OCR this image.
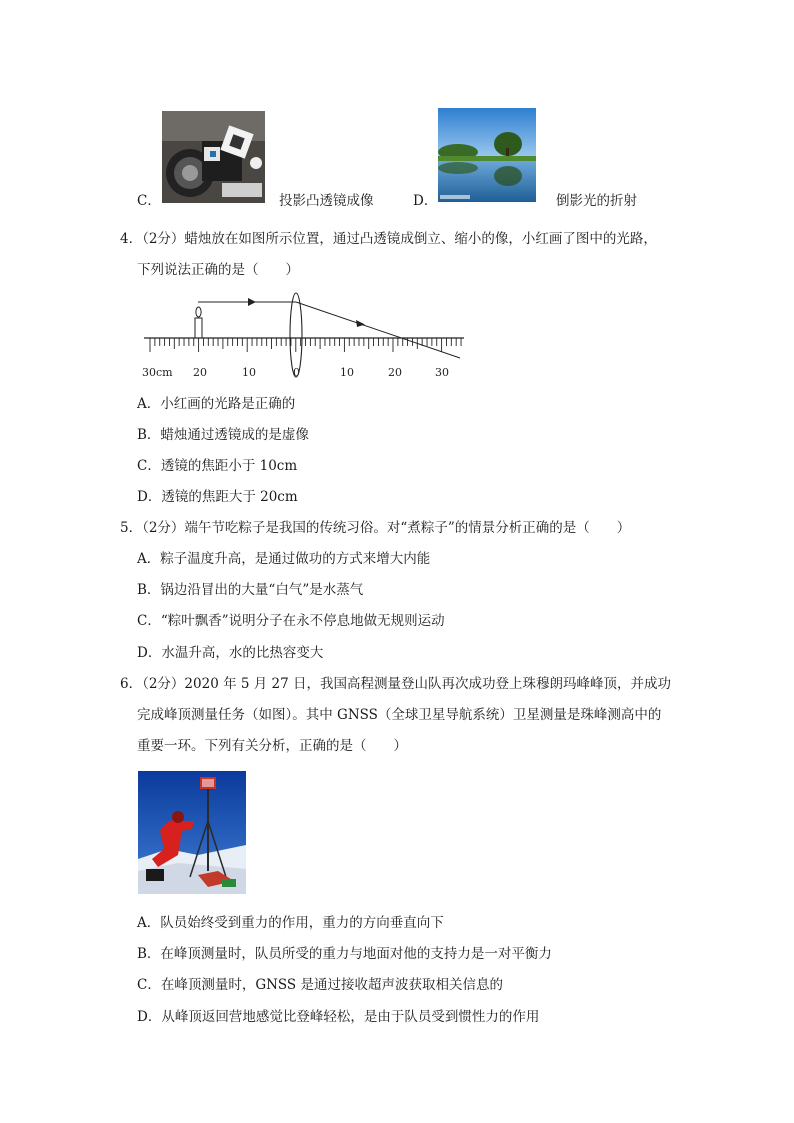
C．	投影凸透镜成像	D．	倒影光的折射
4．（2分）蜡烛放在如图所示位置，通过凸透镜成倒立、缩小的像，小红画了图中的光路，
下列说法正确的是（　　）
30cm 20	10	0	10	20	30
A．小红画的光路是正确的
B．蜡烛通过透镜成的是虚像
C．透镜的焦距小于 10cm
D．透镜的焦距大于 20cm
5．（2分）端午节吃粽子是我国的传统习俗。对“煮粽子”的情景分析正确的是（　　）
A．粽子温度升高，是通过做功的方式来增大内能
B．锅边沿冒出的大量“白气”是水蒸气
C．“粽叶飘香”说明分子在永不停息地做无规则运动
D．水温升高，水的比热容变大
6．（2分）2020 年 5 月 27 日，我国高程测量登山队再次成功登上珠穆朗玛峰峰顶，并成功
完成峰顶测量任务（如图）。其中 GNSS（全球卫星导航系统）卫星测量是珠峰测高中的
重要一环。下列有关分析，正确的是（　　）
A．队员始终受到重力的作用，重力的方向垂直向下
B．在峰顶测量时，队员所受的重力与地面对他的支持力是一对平衡力
C．在峰顶测量时，GNSS 是通过接收超声波获取相关信息的
D．从峰顶返回营地感觉比登峰轻松，是由于队员受到惯性力的作用
